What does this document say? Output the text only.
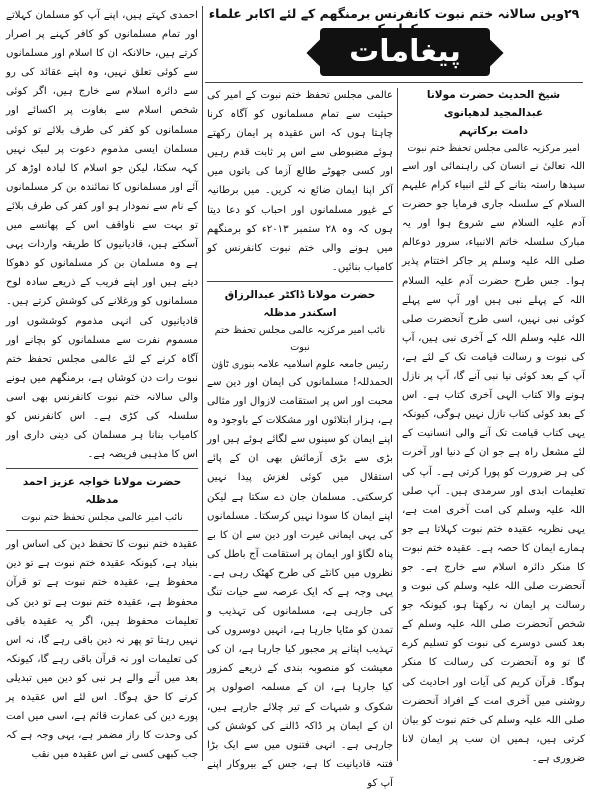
۲۹ویں سالانہ ختم نبوت کانفرنس برمنگھم کے لئے اکابر علماء
پیغامات
شیخ الحدیث حضرت مولانا عبدالمجید لدھیانوی
دامت برکاتہم
امیر مرکزیہ عالمی مجلس تحفظ ختم نبوت

اللہ تعالیٰ نے انسان کی راہنمائی اور اسے سیدھا راستہ بتانے کے لئے انبیاء کرام علیہم السلام کے سلسلہ جاری فرمایا جو حضرت آدم علیہ السلام سے شروع ہوا اور یہ مبارک سلسلہ خاتم الانبیاء، سرور دوعالم صلی اللہ علیہ وسلم پر جاکر اختتام پذیر ہوا۔ جس طرح حضرت آدم علیہ السلام اللہ کے پہلے نبی ہیں اور آپ سے پہلے کوئی نبی نہیں، اسی طرح آنحضرت صلی اللہ علیہ وسلم اللہ کے آخری نبی ہیں، آپ کی نبوت و رسالت قیامت تک کے لئے ہے، آپ کے بعد کوئی نیا نبی آنے گا، آپ پر نازل ہونے والا کتاب الہی آخری کتاب ہے۔ اس کے بعد کوئی کتاب نازل نہیں ہوگی، کیونکہ یہی کتاب قیامت تک آنے والی انسانیت کے لئے مشعل راہ ہے جو ان کے دنیا اور آخرت کی ہر ضرورت کو پورا کرتی ہے۔ آپ کی تعلیمات ابدی اور سرمدی ہیں۔ آپ صلی اللہ علیہ وسلم کی امت آخری امت ہے، یہی نظریہ عقیدہ ختم نبوت کہلاتا ہے جو ہمارے ایمان کا حصہ ہے۔ عقیدہ ختم نبوت کا منکر دائرہ اسلام سے خارج ہے۔ جو آنحضرت صلی اللہ علیہ وسلم کی نبوت و رسالت پر ایمان نہ رکھتا ہو، کیونکہ جو شخص آنحضرت صلی اللہ علیہ وسلم کے بعد کسی دوسرے کی نبوت کو تسلیم کرے گا تو وہ آنحضرت کی رسالت کا منکر ہوگا۔ قرآن کریم کی آیات اور احادیث کی روشنی میں آخری امت کے افراد آنحضرت صلی اللہ علیہ وسلم کی ختم نبوت کو بیان کرتی ہیں، ہمیں ان سب پر ایمان لانا ضروری ہے۔

عالمی مجلس تحفظ ختم نبوت کے امیر کی حیثیت سے تمام مسلمانوں کو آگاہ کرنا چاہتا ہوں کہ اس عقیدہ پر ایمان رکھتے ہوئے مضبوطی سے اس پر ثابت قدم رہیں اور کسی جھوٹے طالع آزما کی باتوں میں آکر اپنا ایمان ضائع نہ کریں۔ میں برطانیہ کے غیور مسلمانوں اور احباب کو دعا دیتا ہوں کہ وہ ۲۸ ستمبر ۲۰۱۳ء کو برمنگھم میں ہونے والی ختم نبوت کانفرنس کو کامیاب بنائیں۔

حضرت مولانا ڈاکٹر عبدالرزاق اسکندر مدظلہ
نائب امیر مرکزیہ عالمی مجلس تحفظ ختم نبوت
رئیس جامعہ علوم اسلامیہ علامہ بنوری ٹاؤن

الحمدللہ! مسلمانوں کی ایمان اور دین سے محبت اور اس پر استقامت لازوال اور مثالی ہے، ہزار ابتلائوں اور مشکلات کے باوجود وہ اپنے ایمان کو سینوں سے لگائے ہوئے ہیں اور بڑی سے بڑی آزمائش بھی ان کے پائے استقلال میں کوئی لغزش پیدا نہیں کرسکتی۔ مسلمان جان دے سکتا ہے لیکن اپنے ایمان کا سودا نہیں کرسکتا۔ مسلمانوں کی یہی ایمانی غیرت اور دین سے ان کا بے پناہ لگاؤ اور ایمان پر استقامت آج باطل کی نظروں میں کانٹے کی طرح کھٹک رہی ہے۔ یہی وجہ ہے کہ ایک عرصہ سے حیات تنگ کی جارہی ہے، مسلمانوں کی تہذیب و تمدن کو مٹایا جارہا ہے، انہیں دوسروں کی تہذیب اپنانے پر مجبور کیا جارہا ہے، ان کی معیشت کو منصوبہ بندی کے ذریعے کمزور کیا جارہا ہے، ان کے مسلمہ اصولوں پر شکوک و شبہات کے تیر چلائے جارہے ہیں، ان کے ایمان پر ڈاکہ ڈالنے کی کوشش کی جارہی ہے۔ انہی فتنوں میں سے ایک بڑا فتنہ قادیانیت کا ہے، جس کے بیروکار اپنے آپ کو

احمدی کہتے ہیں، اپنے آپ کو مسلمان کہلاتے اور تمام مسلمانوں کو کافر کہنے پر اصرار کرتے ہیں، حالانکہ ان کا اسلام اور مسلمانوں سے کوئی تعلق نہیں، وہ اپنے عقائد کی رو سے دائرہ اسلام سے خارج ہیں، اگر کوئی شخص اسلام سے بغاوت پر اکسائے اور مسلمانوں کو کفر کی طرف بلائے تو کوئی مسلمان ایسی مذموم دعوت پر لبیک نہیں کہہ سکتا، لیکن جو اسلام کا لبادہ اوڑھ کر آئے اور مسلمانوں کا نمائندہ بن کر مسلمانوں کے نام سے نمودار ہو اور کفر کی طرف بلائے تو بہت سے ناواقف اس کے پھانسے میں آسکتے ہیں، قادیانیوں کا طریقہ واردات یہی ہے وہ مسلمان بن کر مسلمانوں کو دھوکا دیتے ہیں اور اپنے فریب کے ذریعے سادہ لوح مسلمانوں کو ورغلانے کی کوشش کرتے ہیں۔ قادیانیوں کی انہی مذموم کوششوں اور مسموم نفرت سے مسلمانوں کو بچانے اور آگاہ کرنے کے لئے عالمی مجلس تحفظ ختم نبوت رات دن کوشاں ہے، برمنگھم میں ہونے والی سالانہ ختم نبوت کانفرنس بھی اسی سلسلہ کی کڑی ہے۔ اس کانفرنس کو کامیاب بنانا ہر مسلمان کی دینی داری اور اس کا مذہبی فریضہ ہے۔

حضرت مولانا خواجہ عزیز احمد مدظلہ
نائب امیر عالمی مجلس تحفظ ختم نبوت

عقیدہ ختم نبوت کا تحفظ دین کی اساس اور بنیاد ہے، کیونکہ عقیدہ ختم نبوت ہے تو دین محفوظ ہے، عقیدہ ختم نبوت ہے تو قرآن محفوظ ہے، عقیدہ ختم نبوت ہے تو دین کی تعلیمات محفوظ ہیں، اگر یہ عقیدہ باقی نہیں رہتا تو پھر نہ دین باقی رہے گا، نہ اس کی تعلیمات اور نہ قرآن باقی رہے گا، کیونکہ بعد میں آنے والے ہر نبی کو دین میں تبدیلی کرنے کا حق ہوگا۔ اس لئے اس عقیدہ پر پورے دین کی عمارت قائم ہے، اسی میں امت کی وحدت کا راز مضمر ہے، یہی وجہ ہے کہ جب کبھی کسی نے اس عقیدہ میں نقب
